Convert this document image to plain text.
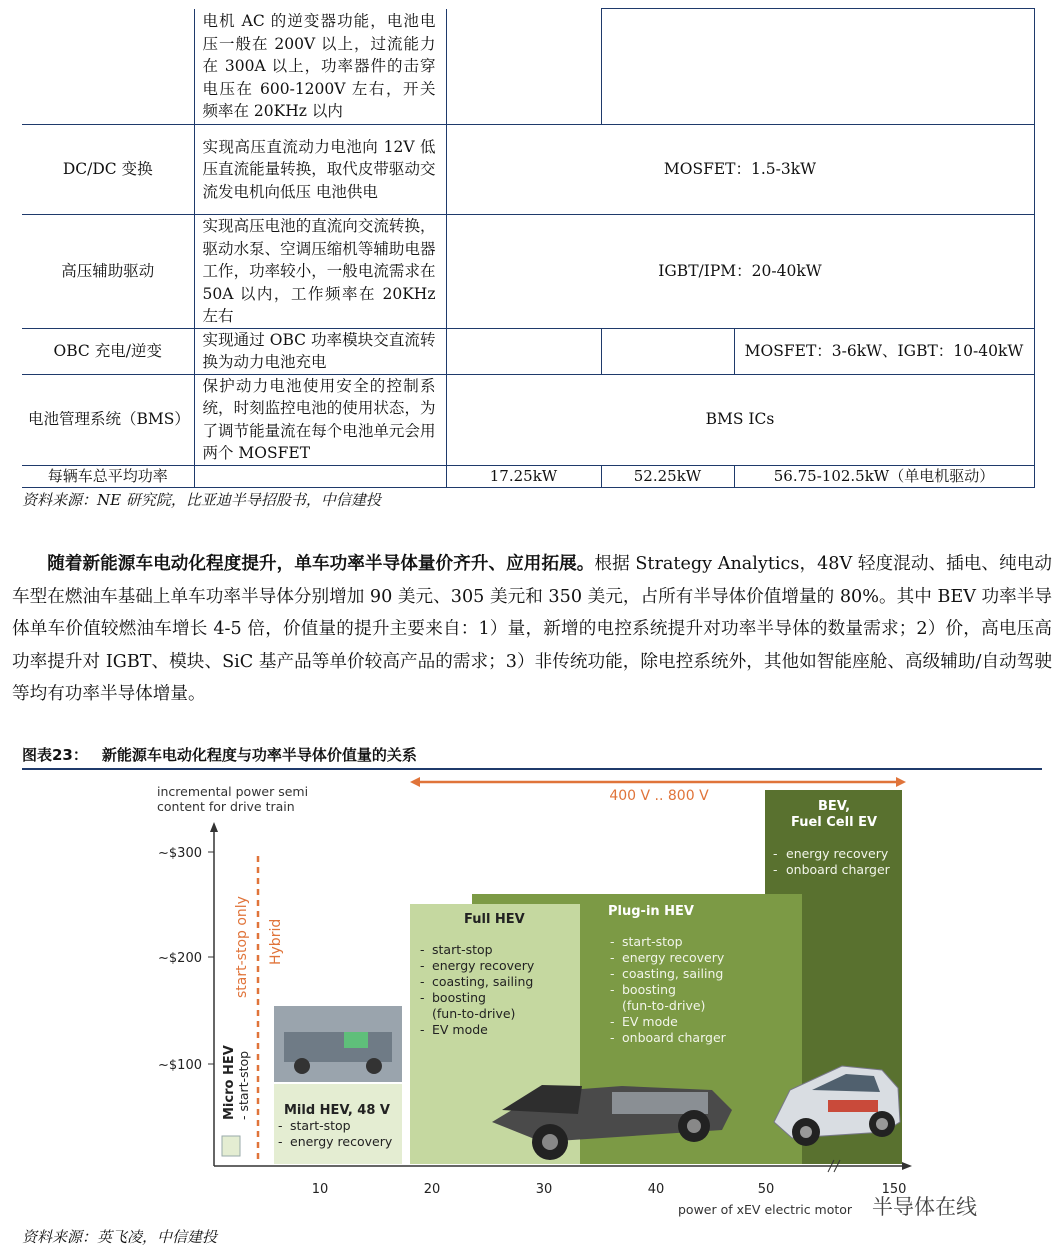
	电机 AC 的逆变器功能，电池电压一般在 200V 以上，过流能力在 300A 以上，功率器件的击穿电压在 600-1200V 左右，开关频率在 20KHz 以内			
DC/DC 变换	实现高压直流动力电池向 12V 低压直流能量转换，取代皮带驱动交流发电机向低压 电池供电	MOSFET：1.5-3kW		
高压辅助驱动	实现高压电池的直流向交流转换，驱动水泵、空调压缩机等辅助电器工作，功率较小，一般电流需求在 50A 以内，工作频率在 20KHz 左右	IGBT/IPM：20-40kW		
OBC 充电/逆变	实现通过 OBC 功率模块交直流转换为动力电池充电			MOSFET：3-6kW、IGBT：10-40kW
电池管理系统（BMS）	保护动力电池使用安全的控制系统，时刻监控电池的使用状态，为了调节能量流在每个电池单元会用两个 MOSFET	BMS ICs		
每辆车总平均功率		17.25kW	52.25kW	56.75-102.5kW（单电机驱动）
资料来源：NE 研究院，比亚迪半导招股书，中信建投
随着新能源车电动化程度提升，单车功率半导体量价齐升、应用拓展。根据 Strategy Analytics，48V 轻度混动、插电、纯电动车型在燃油车基础上单车功率半导体分别增加 90 美元、305 美元和 350 美元，占所有半导体价值增量的 80%。其中 BEV 功率半导体单车价值较燃油车增长 4-5 倍，价值量的提升主要来自：1）量，新增的电控系统提升对功率半导体的数量需求；2）价，高电压高功率提升对 IGBT、模块、SiC 基产品等单价较高产品的需求；3）非传统功能，除电控系统外，其他如智能座舱、高级辅助/自动驾驶等均有功率半导体增量。
图表23： 新能源车电动化程度与功率半导体价值量的关系
~$300
~$200
~$100
10	20	30	40	50	150
incremental power semi content for drive train
power of xEV electric motor
start-stop only Hybrid
Micro HEV - start-stop
400 V .. 800 V
Mild HEV, 48 V
- start-stop
- energy recovery
Full HEV
- start-stop
- energy recovery
- coasting, sailing
- boosting
(fun-to-drive)
- EV mode
Plug-in HEV
- start-stop
- energy recovery
- coasting, sailing
- boosting
(fun-to-drive)
- EV mode
- onboard charger
BEV,
Fuel Cell EV
- energy recovery
- onboard charger
资料来源：英飞凌，中信建投
半导体在线
